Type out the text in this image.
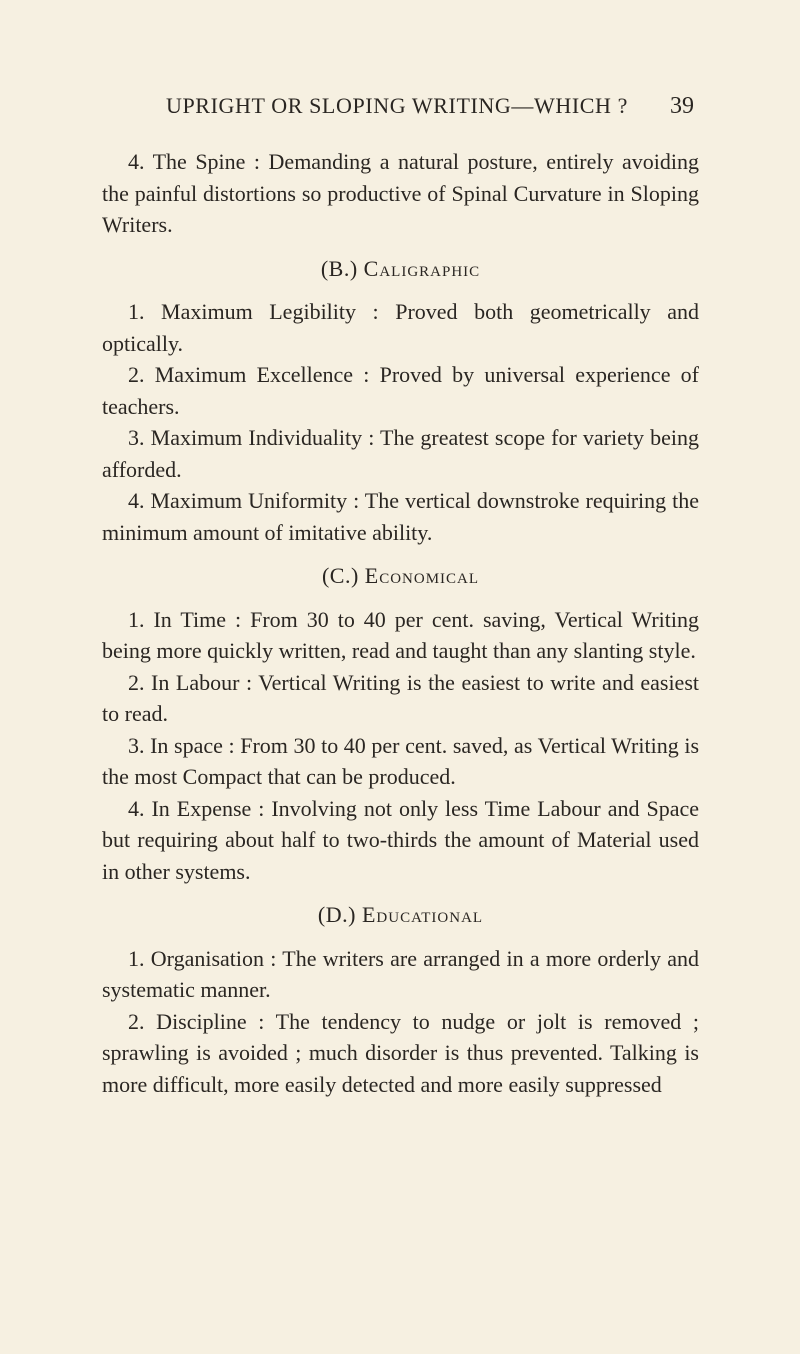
UPRIGHT OR SLOPING WRITING—WHICH ?	39

4. The Spine : Demanding a natural posture, entirely avoiding the painful distortions so productive of Spinal Curvature in Sloping Writers.

(B.) Caligraphic

1. Maximum Legibility : Proved both geometrically and optically.

2. Maximum Excellence : Proved by universal experience of teachers.

3. Maximum Individuality : The greatest scope for variety being afforded.

4. Maximum Uniformity : The vertical downstroke requiring the minimum amount of imitative ability.

(C.) Economical

1. In Time : From 30 to 40 per cent. saving, Vertical Writing being more quickly written, read and taught than any slanting style.

2. In Labour : Vertical Writing is the easiest to write and easiest to read.

3. In space : From 30 to 40 per cent. saved, as Vertical Writing is the most Compact that can be produced.

4. In Expense : Involving not only less Time Labour and Space but requiring about half to two-thirds the amount of Material used in other systems.

(D.) Educational

1. Organisation : The writers are arranged in a more orderly and systematic manner.

2. Discipline : The tendency to nudge or jolt is removed ; sprawling is avoided ; much disorder is thus prevented. Talking is more difficult, more easily detected and more easily suppressed
